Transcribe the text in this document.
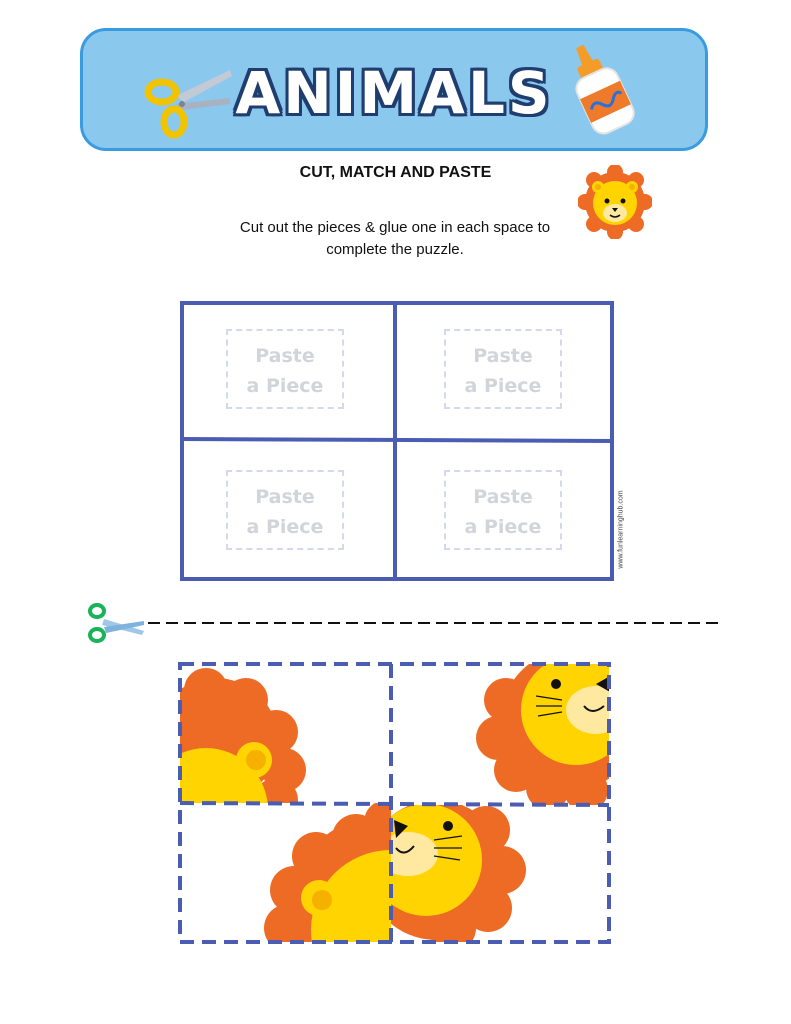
ANIMALS
CUT, MATCH AND PASTE
Cut out the pieces & glue one in each space to
complete the puzzle.
Paste
a Piece
Paste
a Piece
Paste
a Piece
Paste
a Piece	www.funlearninghub.com
